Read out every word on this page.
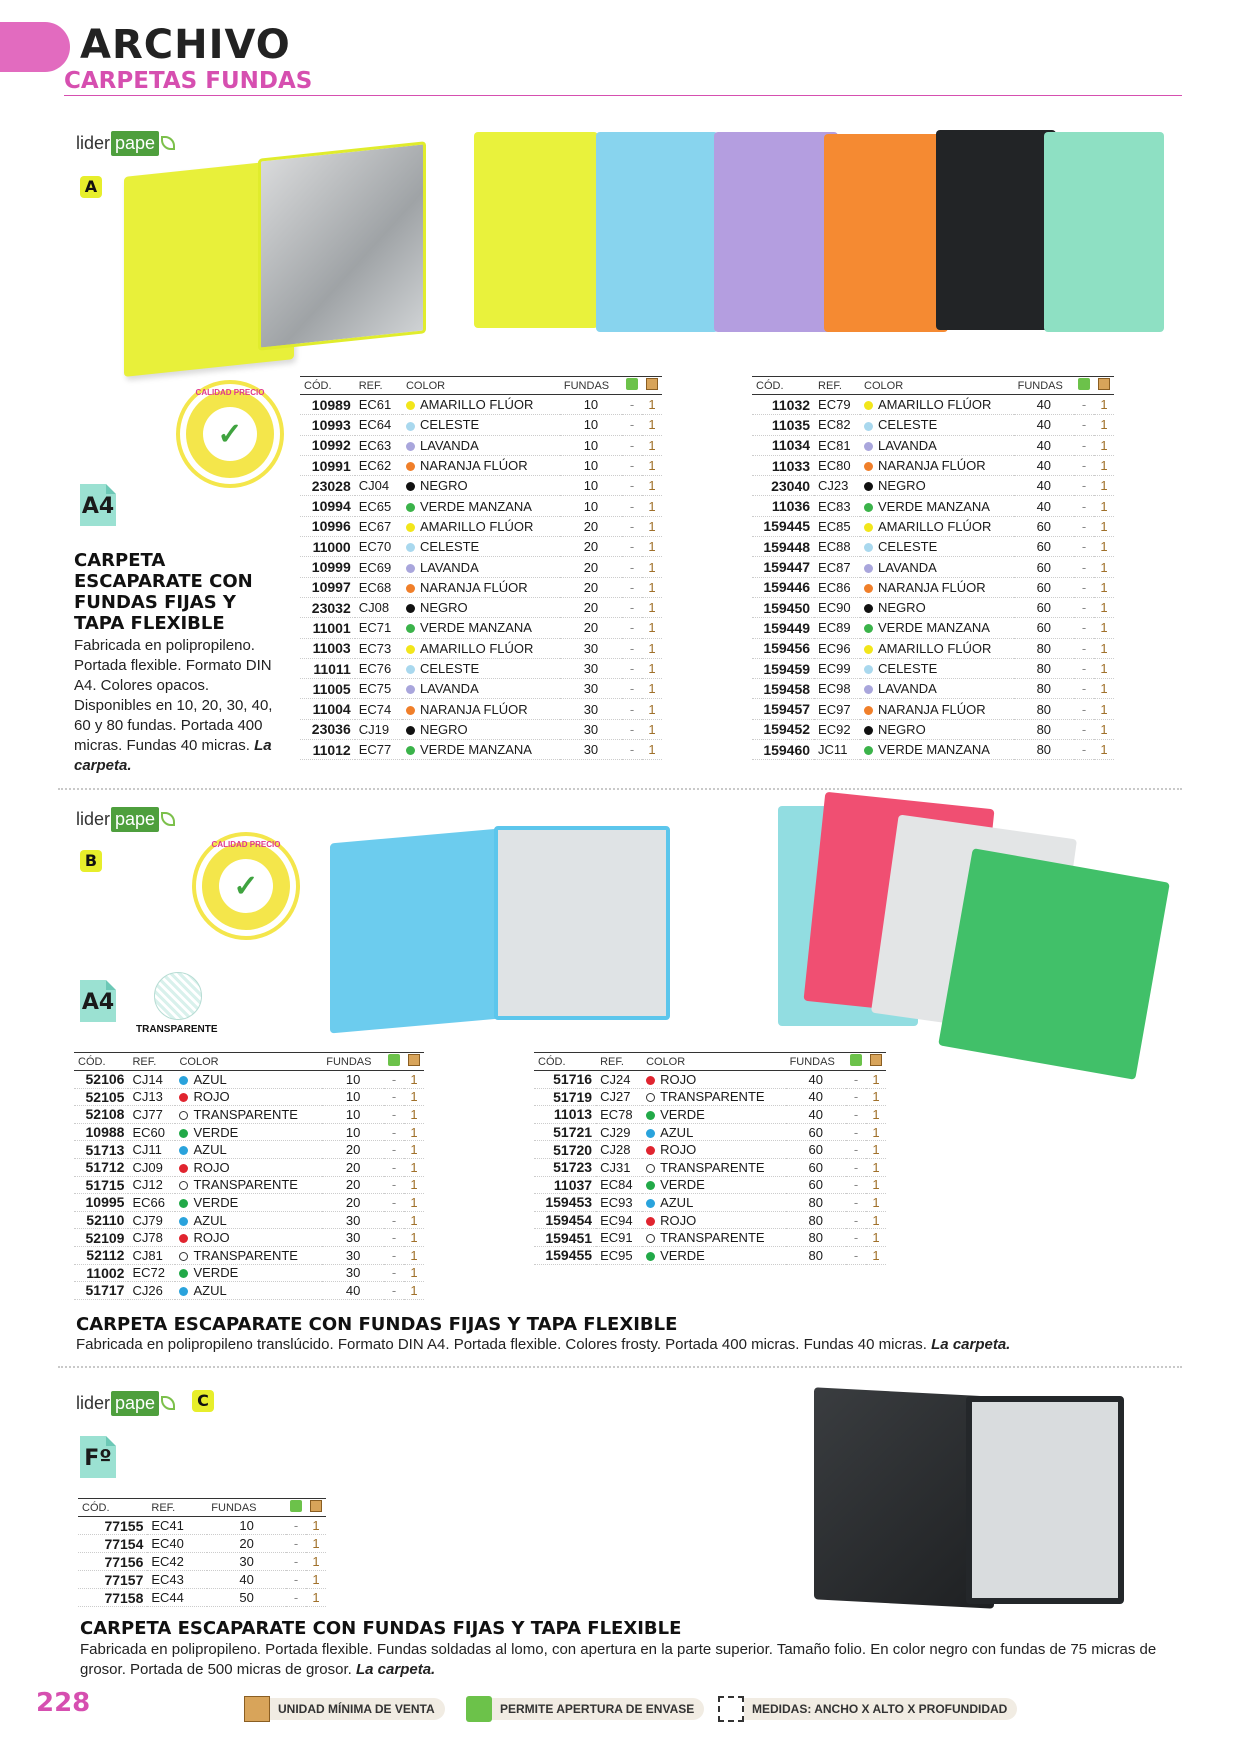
ARCHIVO
CARPETAS FUNDAS
lider pape
A
✓
CALIDAD PRECIO
A4
CARPETA ESCAPARATE CON FUNDAS FIJAS Y TAPA FLEXIBLE
Fabricada en polipropileno. Portada flexible. Formato DIN A4. Colores opacos. Disponibles en 10, 20, 30, 40, 60 y 80 fundas. Portada 400 micras. Fundas 40 micras. La carpeta.
CÓD.	REF.	COLOR	FUNDAS		
10989	EC61	AMARILLO FLÚOR	10	-	1
10993	EC64	CELESTE	10	-	1
10992	EC63	LAVANDA	10	-	1
10991	EC62	NARANJA FLÚOR	10	-	1
23028	CJ04	NEGRO	10	-	1
10994	EC65	VERDE MANZANA	10	-	1
10996	EC67	AMARILLO FLÚOR	20	-	1
11000	EC70	CELESTE	20	-	1
10999	EC69	LAVANDA	20	-	1
10997	EC68	NARANJA FLÚOR	20	-	1
23032	CJ08	NEGRO	20	-	1
11001	EC71	VERDE MANZANA	20	-	1
11003	EC73	AMARILLO FLÚOR	30	-	1
11011	EC76	CELESTE	30	-	1
11005	EC75	LAVANDA	30	-	1
11004	EC74	NARANJA FLÚOR	30	-	1
23036	CJ19	NEGRO	30	-	1
11012	EC77	VERDE MANZANA	30	-	1
CÓD.	REF.	COLOR	FUNDAS		
11032	EC79	AMARILLO FLÚOR	40	-	1
11035	EC82	CELESTE	40	-	1
11034	EC81	LAVANDA	40	-	1
11033	EC80	NARANJA FLÚOR	40	-	1
23040	CJ23	NEGRO	40	-	1
11036	EC83	VERDE MANZANA	40	-	1
159445	EC85	AMARILLO FLÚOR	60	-	1
159448	EC88	CELESTE	60	-	1
159447	EC87	LAVANDA	60	-	1
159446	EC86	NARANJA FLÚOR	60	-	1
159450	EC90	NEGRO	60	-	1
159449	EC89	VERDE MANZANA	60	-	1
159456	EC96	AMARILLO FLÚOR	80	-	1
159459	EC99	CELESTE	80	-	1
159458	EC98	LAVANDA	80	-	1
159457	EC97	NARANJA FLÚOR	80	-	1
159452	EC92	NEGRO	80	-	1
159460	JC11	VERDE MANZANA	80	-	1
lider pape
B
✓
CALIDAD PRECIO
A4
TRANSPARENTE
CÓD.	REF.	COLOR	FUNDAS		
52106	CJ14	AZUL	10	-	1
52105	CJ13	ROJO	10	-	1
52108	CJ77	TRANSPARENTE	10	-	1
10988	EC60	VERDE	10	-	1
51713	CJ11	AZUL	20	-	1
51712	CJ09	ROJO	20	-	1
51715	CJ12	TRANSPARENTE	20	-	1
10995	EC66	VERDE	20	-	1
52110	CJ79	AZUL	30	-	1
52109	CJ78	ROJO	30	-	1
52112	CJ81	TRANSPARENTE	30	-	1
11002	EC72	VERDE	30	-	1
51717	CJ26	AZUL	40	-	1
CÓD.	REF.	COLOR	FUNDAS		
51716	CJ24	ROJO	40	-	1
51719	CJ27	TRANSPARENTE	40	-	1
11013	EC78	VERDE	40	-	1
51721	CJ29	AZUL	60	-	1
51720	CJ28	ROJO	60	-	1
51723	CJ31	TRANSPARENTE	60	-	1
11037	EC84	VERDE	60	-	1
159453	EC93	AZUL	80	-	1
159454	EC94	ROJO	80	-	1
159451	EC91	TRANSPARENTE	80	-	1
159455	EC95	VERDE	80	-	1
CARPETA ESCAPARATE CON FUNDAS FIJAS Y TAPA FLEXIBLE
Fabricada en polipropileno translúcido. Formato DIN A4. Portada flexible. Colores frosty. Portada 400 micras. Fundas 40 micras. La carpeta.
lider pape	C
Fº
CÓD.	REF.	FUNDAS		
77155	EC41	10	-	1
77154	EC40	20	-	1
77156	EC42	30	-	1
77157	EC43	40	-	1
77158	EC44	50	-	1
CARPETA ESCAPARATE CON FUNDAS FIJAS Y TAPA FLEXIBLE
Fabricada en polipropileno. Portada flexible. Fundas soldadas al lomo, con apertura en la parte superior. Tamaño folio. En color negro con fundas de 75 micras de grosor. Portada de 500 micras de grosor. La carpeta.
228	UNIDAD MÍNIMA DE VENTA	PERMITE APERTURA DE ENVASE	MEDIDAS: ANCHO X ALTO X PROFUNDIDAD
